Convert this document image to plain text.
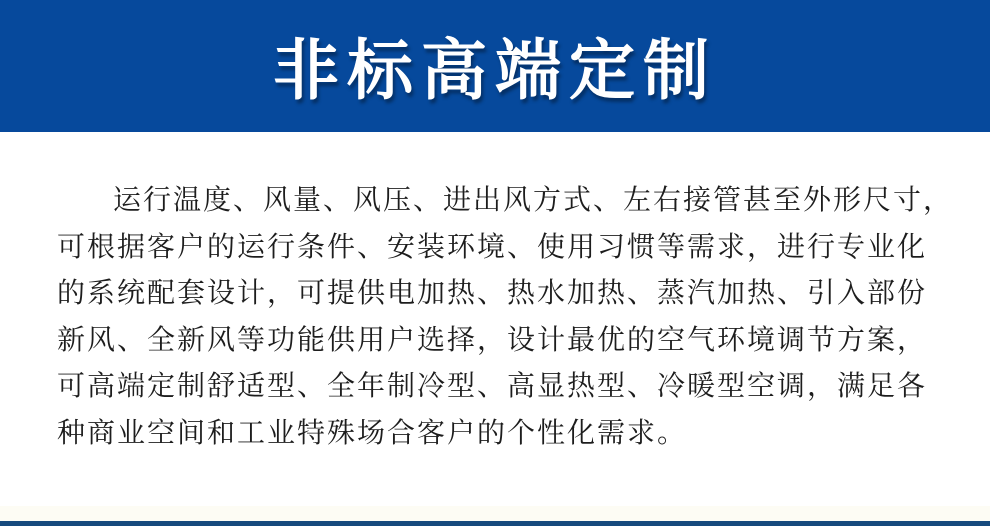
非标高端定制
运行温度、风量、风压、进出风方式、左右接管甚至外形尺寸，
可根据客户的运行条件、安装环境、使用习惯等需求，进行专业化
的系统配套设计，可提供电加热、热水加热、蒸汽加热、引入部份
新风、全新风等功能供用户选择，设计最优的空气环境调节方案，
可高端定制舒适型、全年制冷型、高显热型、冷暖型空调，满足各
种商业空间和工业特殊场合客户的个性化需求。
